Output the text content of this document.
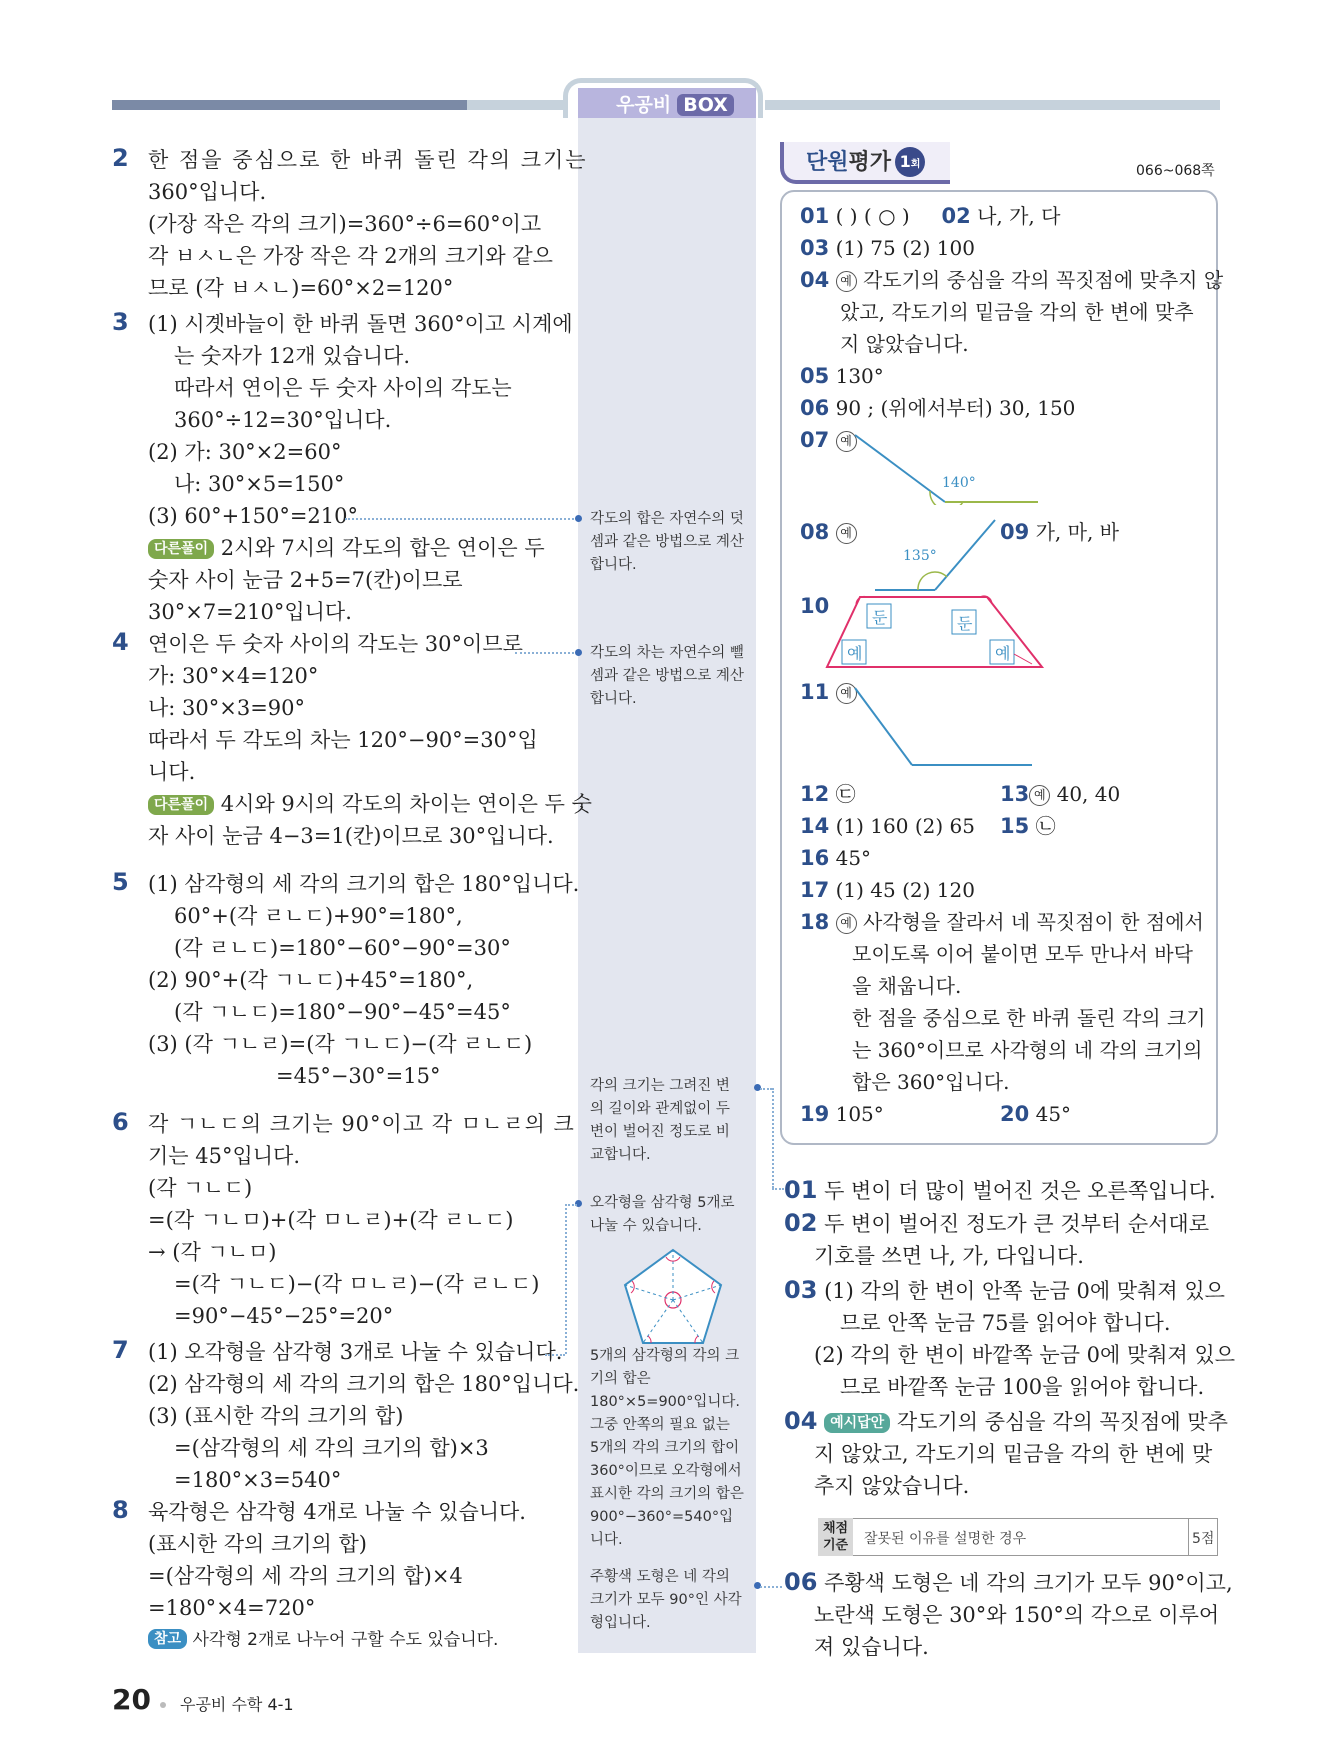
우공비 BOX
2 한 점을 중심으로 한 바퀴 돌린 각의 크기는
360°입니다.
(가장 작은 각의 크기)=360°÷6=60°이고
각 ㅂㅅㄴ은 가장 작은 각 2개의 크기와 같으
므로 (각 ㅂㅅㄴ)=60°×2=120°
3 (1) 시곗바늘이 한 바퀴 돌면 360°이고 시계에
는 숫자가 12개 있습니다.
따라서 연이은 두 숫자 사이의 각도는
360°÷12=30°입니다.
(2) 가: 30°×2=60°
나: 30°×5=150°
(3) 60°+150°=210°
다른풀이 2시와 7시의 각도의 합은 연이은 두
숫자 사이 눈금 2+5=7(칸)이므로
30°×7=210°입니다.
4 연이은 두 숫자 사이의 각도는 30°이므로
가: 30°×4=120°
나: 30°×3=90°
따라서 두 각도의 차는 120°−90°=30°입
니다.
다른풀이 4시와 9시의 각도의 차이는 연이은 두 숫
자 사이 눈금 4−3=1(칸)이므로 30°입니다.
5 (1) 삼각형의 세 각의 크기의 합은 180°입니다.
60°+(각 ㄹㄴㄷ)+90°=180°,
(각 ㄹㄴㄷ)=180°−60°−90°=30°
(2) 90°+(각 ㄱㄴㄷ)+45°=180°,
(각 ㄱㄴㄷ)=180°−90°−45°=45°
(3) (각 ㄱㄴㄹ)=(각 ㄱㄴㄷ)−(각 ㄹㄴㄷ)
=45°−30°=15°
6 각 ㄱㄴㄷ의 크기는 90°이고 각 ㅁㄴㄹ의 크
기는 45°입니다.
(각 ㄱㄴㄷ)
=(각 ㄱㄴㅁ)+(각 ㅁㄴㄹ)+(각 ㄹㄴㄷ)
→ (각 ㄱㄴㅁ)
=(각 ㄱㄴㄷ)−(각 ㅁㄴㄹ)−(각 ㄹㄴㄷ)
=90°−45°−25°=20°
7 (1) 오각형을 삼각형 3개로 나눌 수 있습니다.
(2) 삼각형의 세 각의 크기의 합은 180°입니다.
(3) (표시한 각의 크기의 합)
=(삼각형의 세 각의 크기의 합)×3
=180°×3=540°
8 육각형은 삼각형 4개로 나눌 수 있습니다.
(표시한 각의 크기의 합)
=(삼각형의 세 각의 크기의 합)×4
=180°×4=720°
참고 사각형 2개로 나누어 구할 수도 있습니다.
각도의 합은 자연수의 덧
셈과 같은 방법으로 계산
합니다.
각도의 차는 자연수의 뺄
셈과 같은 방법으로 계산
합니다.
각의 크기는 그려진 변
의 길이와 관계없이 두
변이 벌어진 정도로 비
교합니다.
오각형을 삼각형 5개로
나눌 수 있습니다.
5개의 삼각형의 각의 크
기의 합은
180°×5=900°입니다.
그중 안쪽의 필요 없는
5개의 각의 크기의 합이
360°이므로 오각형에서
표시한 각의 크기의 합은
900°−360°=540°입
니다.
주황색 도형은 네 각의
크기가 모두 90°인 사각
형입니다.
단원평가 1회	066~068쪽
01 ( ) ( ○ ) 02 나, 가, 다
03 (1) 75 (2) 100
04 예 각도기의 중심을 각의 꼭짓점에 맞추지 않
았고, 각도기의 밑금을 각의 한 변에 맞추
지 않았습니다.
05 130°
06 90 ; (위에서부터) 30, 150
07 예
140°
08 예
135°
09 가, 마, 바
10	둔	둔
예	예
11 예
12 ㉢
14 (1) 160 (2) 65
16 45°
17 (1) 45 (2) 120
18 예 사각형을 잘라서 네 꼭짓점이 한 점에서
모이도록 이어 붙이면 모두 만나서 바닥
을 채웁니다.
한 점을 중심으로 한 바퀴 돌린 각의 크기
는 360°이므로 사각형의 네 각의 크기의
합은 360°입니다.
19 105°
13 예 40, 40
15 ㉡
20 45°
01 두 변이 더 많이 벌어진 것은 오른쪽입니다.
02 두 변이 벌어진 정도가 큰 것부터 순서대로
기호를 쓰면 나, 가, 다입니다.
03 (1) 각의 한 변이 안쪽 눈금 0에 맞춰져 있으
므로 안쪽 눈금 75를 읽어야 합니다.
(2) 각의 한 변이 바깥쪽 눈금 0에 맞춰져 있으
므로 바깥쪽 눈금 100을 읽어야 합니다.
04 예시답안 각도기의 중심을 각의 꼭짓점에 맞추
지 않았고, 각도기의 밑금을 각의 한 변에 맞
추지 않았습니다.
채점
기준	잘못된 이유를 설명한 경우	5점
06 주황색 도형은 네 각의 크기가 모두 90°이고,
노란색 도형은 30°와 150°의 각으로 이루어
져 있습니다.
20 우공비 수학 4-1
